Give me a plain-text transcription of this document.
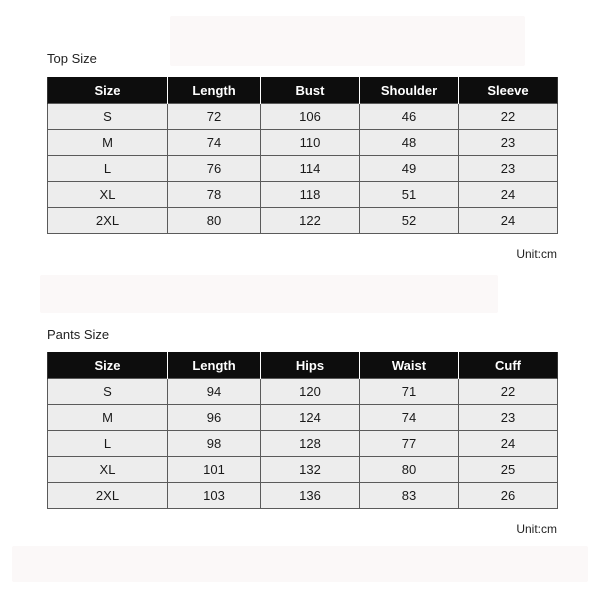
Top Size
Size	Length	Bust	Shoulder	Sleeve
S	72	106	46	22
M	74	110	48	23
L	76	114	49	23
XL	78	118	51	24
2XL	80	122	52	24
Unit:cm
Pants Size
Size	Length	Hips	Waist	Cuff
S	94	120	71	22
M	96	124	74	23
L	98	128	77	24
XL	101	132	80	25
2XL	103	136	83	26
Unit:cm
